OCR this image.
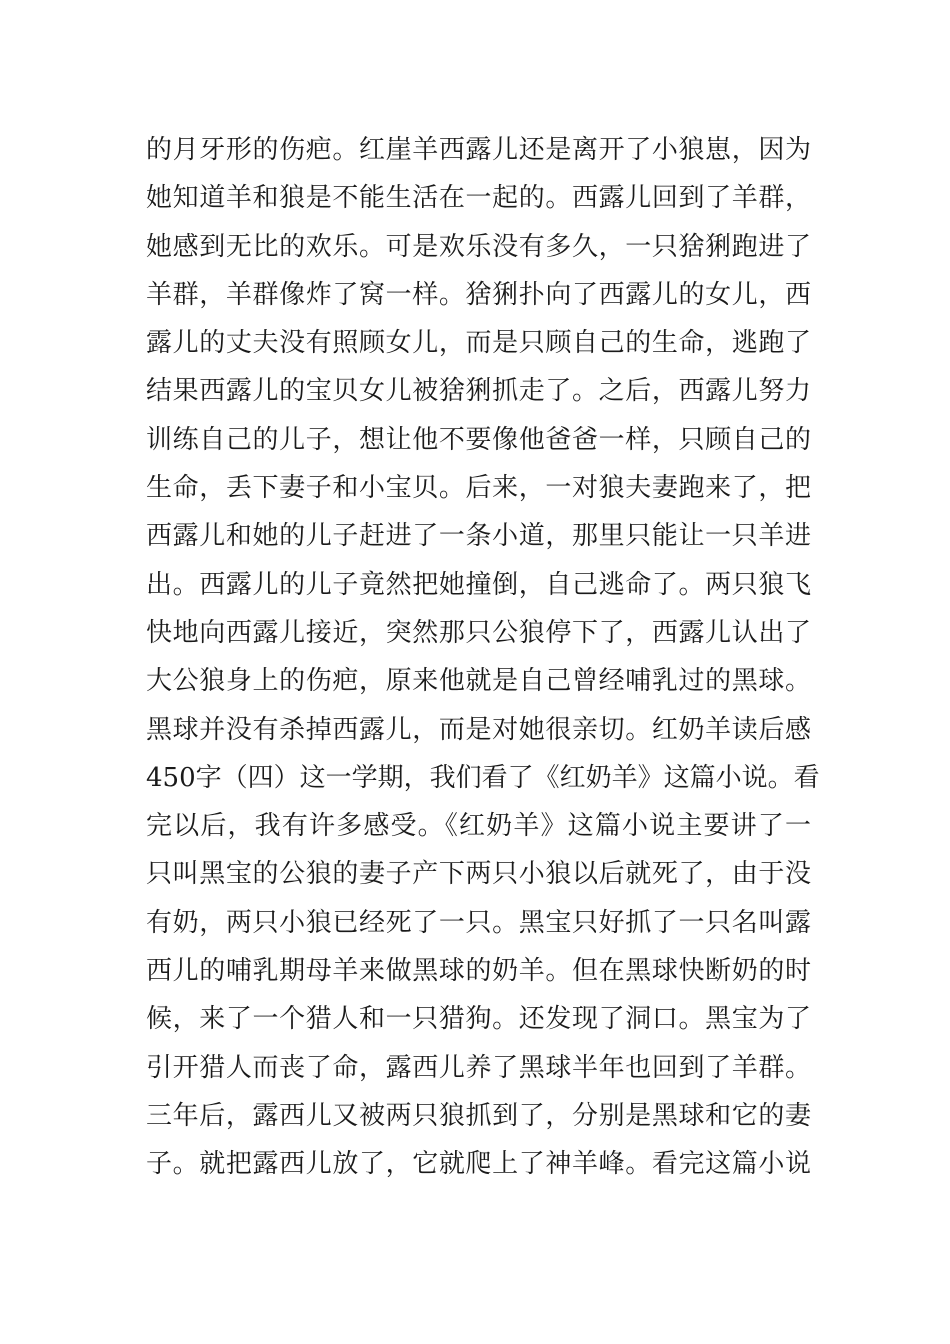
的月牙形的伤疤。红崖羊西露儿还是离开了小狼崽，因为
她知道羊和狼是不能生活在一起的。西露儿回到了羊群，
她感到无比的欢乐。可是欢乐没有多久，一只猞猁跑进了
羊群，羊群像炸了窝一样。猞猁扑向了西露儿的女儿，西
露儿的丈夫没有照顾女儿，而是只顾自己的生命，逃跑了
结果西露儿的宝贝女儿被猞猁抓走了。之后，西露儿努力
训练自己的儿子，想让他不要像他爸爸一样，只顾自己的
生命，丢下妻子和小宝贝。后来，一对狼夫妻跑来了，把
西露儿和她的儿子赶进了一条小道，那里只能让一只羊进
出。西露儿的儿子竟然把她撞倒，自己逃命了。两只狼飞
快地向西露儿接近，突然那只公狼停下了，西露儿认出了
大公狼身上的伤疤，原来他就是自己曾经哺乳过的黑球。
黑球并没有杀掉西露儿，而是对她很亲切。红奶羊读后感
450字（四）这一学期，我们看了《红奶羊》这篇小说。看
完以后，我有许多感受。《红奶羊》这篇小说主要讲了一
只叫黑宝的公狼的妻子产下两只小狼以后就死了，由于没
有奶，两只小狼已经死了一只。黑宝只好抓了一只名叫露
西儿的哺乳期母羊来做黑球的奶羊。但在黑球快断奶的时
候，来了一个猎人和一只猎狗。还发现了洞口。黑宝为了
引开猎人而丧了命，露西儿养了黑球半年也回到了羊群。
三年后，露西儿又被两只狼抓到了，分别是黑球和它的妻
子。就把露西儿放了，它就爬上了神羊峰。看完这篇小说
